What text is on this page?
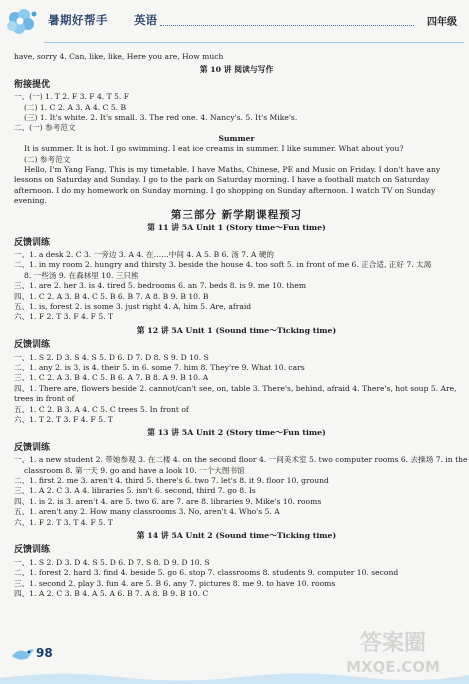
暑期好帮手 英语	四年级
have, sorry 4. Can, like, like, Here you are, How much
第 10 讲 阅读与写作
衔接提优
一、(一) 1. T 2. F 3. F 4. T 5. F
(二) 1. C 2. A 3. A 4. C 5. B
(三) 1. It's white. 2. It's small. 3. The red one. 4. Nancy's. 5. It's Mike's.
二、(一) 参考范文
Summer
It is summer. It is hot. I go swimming. I eat ice creams in summer. I like summer. What about you?
(二) 参考范文
Hello, I'm Yang Fang. This is my timetable. I have Maths, Chinese, PE and Music on Friday. I don't have any lessons on Saturday and Sunday. I go to the park on Saturday morning. I have a football match on Saturday afternoon. I do my homework on Sunday morning. I go shopping on Sunday afternoon. I watch TV on Sunday evening.
第三部分 新学期课程预习
第 11 讲 5A Unit 1 (Story time～Fun time)
反馈训练
一、1. a desk 2. C 3. 一旁边 3. A 4. 在……中间 4. A 5. B 6. 汤 7. A 硬的
二、1. in my room 2. hungry and thirsty 3. beside the house 4. too soft 5. in front of me 6. 正合适, 正好 7. 太渴
8. 一些汤 9. 在森林里 10. 三只熊
三、1. are 2. her 3. is 4. tired 5. bedrooms 6. an 7. beds 8. is 9. me 10. them
四、1. C 2. A 3. B 4. C 5. B 6. B 7. A 8. B 9. B 10. B
五、1. is, forest 2. is some 3. just right 4. A, him 5. Are, afraid
六、1. F 2. T 3. F 4. F 5. T
第 12 讲 5A Unit 1 (Sound time～Ticking time)
反馈训练
一、1. S 2. D 3. S 4. S 5. D 6. D 7. D 8. S 9. D 10. S
二、1. any 2. is 3. is 4. their 5. in 6. some 7. him 8. They're 9. What 10. cars
三、1. C 2. A 3. B 4. C 5. B 6. A 7. B 8. A 9. B 10. A
四、1. There are, flowers beside 2. cannot/can't see, on, table 3. There's, behind, afraid 4. There's, hot soup 5. Are, trees in front of
五、1. C 2. B 3. A 4. C 5. C trees 5. In front of
六、1. T 2. T 3. F 4. F 5. T
第 13 讲 5A Unit 2 (Story time～Fun time)
反馈训练
一、1. a new student 2. 带她参观 3. 在二楼 4. on the second floor 4. 一间美术室 5. two computer rooms 6. 去操场 7. in the
classroom 8. 第一天 9. go and have a look 10. 一个大图书馆
二、1. first 2. me 3. aren't 4. third 5. there's 6. two 7. let's 8. it 9. floor 10. ground
三、1. A 2. C 3. A 4. libraries 5. isn't 6. second, third 7. go 8. Is
四、1. is 2. is 3. aren't 4. are 5. two 6. are 7. are 8. libraries 9. Mike's 10. rooms
五、1. aren't any 2. How many classrooms 3. No, aren't 4. Who's 5. A
六、1. F 2. T 3. T 4. F 5. T
第 14 讲 5A Unit 2 (Sound time～Ticking time)
反馈训练
一、1. S 2. D 3. D 4. S 5. D 6. D 7. S 8. D 9. D 10. S
二、1. forest 2. hard 3. find 4. beside 5. go 6. stop 7. classrooms 8. students 9. computer 10. second
三、1. second 2. play 3. fun 4. are 5. B 6. any 7. pictures 8. me 9. to have 10. rooms
四、1. A 2. C 3. B 4. A 5. A 6. B 7. A 8. B 9. B 10. C
98	答案圈
MXQE.COM
